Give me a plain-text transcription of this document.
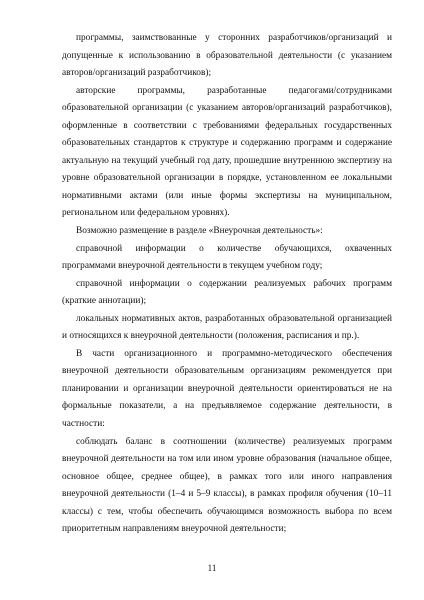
программы, заимствованные у сторонних разработчиков/организаций и допущенные к использованию в образовательной деятельности (с указанием авторов/организаций разработчиков);

авторские программы, разработанные педагогами/сотрудниками образовательной организации (с указанием авторов/организаций разработчиков), оформленные в соответствии с требованиями федеральных государственных образовательных стандартов к структуре и содержанию программ и содержание актуальную на текущий учебный год дату, прошедшие внутреннюю экспертизу на уровне образовательной организации в порядке, установленном ее локальными нормативными актами (или иные формы экспертизы на муниципальном, региональном или федеральном уровнях).

Возможно размещение в разделе «Внеурочная деятельность»:

справочной информации о количестве обучающихся, охваченных программами внеурочной деятельности в текущем учебном году;

справочной информации о содержании реализуемых рабочих программ (краткие аннотации);

локальных нормативных актов, разработанных образовательной организацией и относящихся к внеурочной деятельности (положения, расписания и пр.).

В части организационного и программно-методического обеспечения внеурочной деятельности образовательным организациям рекомендуется при планировании и организации внеурочной деятельности ориентироваться не на формальные показатели, а на предъявляемое содержание деятельности, в частности:

соблюдать баланс в соотношении (количестве) реализуемых программ внеурочной деятельности на том или ином уровне образования (начальное общее, основное общее, среднее общее), в рамках того или иного направления внеурочной деятельности (1–4 и 5–9 классы), в рамках профиля обучения (10–11 классы) с тем, чтобы обеспечить обучающимся возможность выбора по всем приоритетным направлениям внеурочной деятельности;

11
